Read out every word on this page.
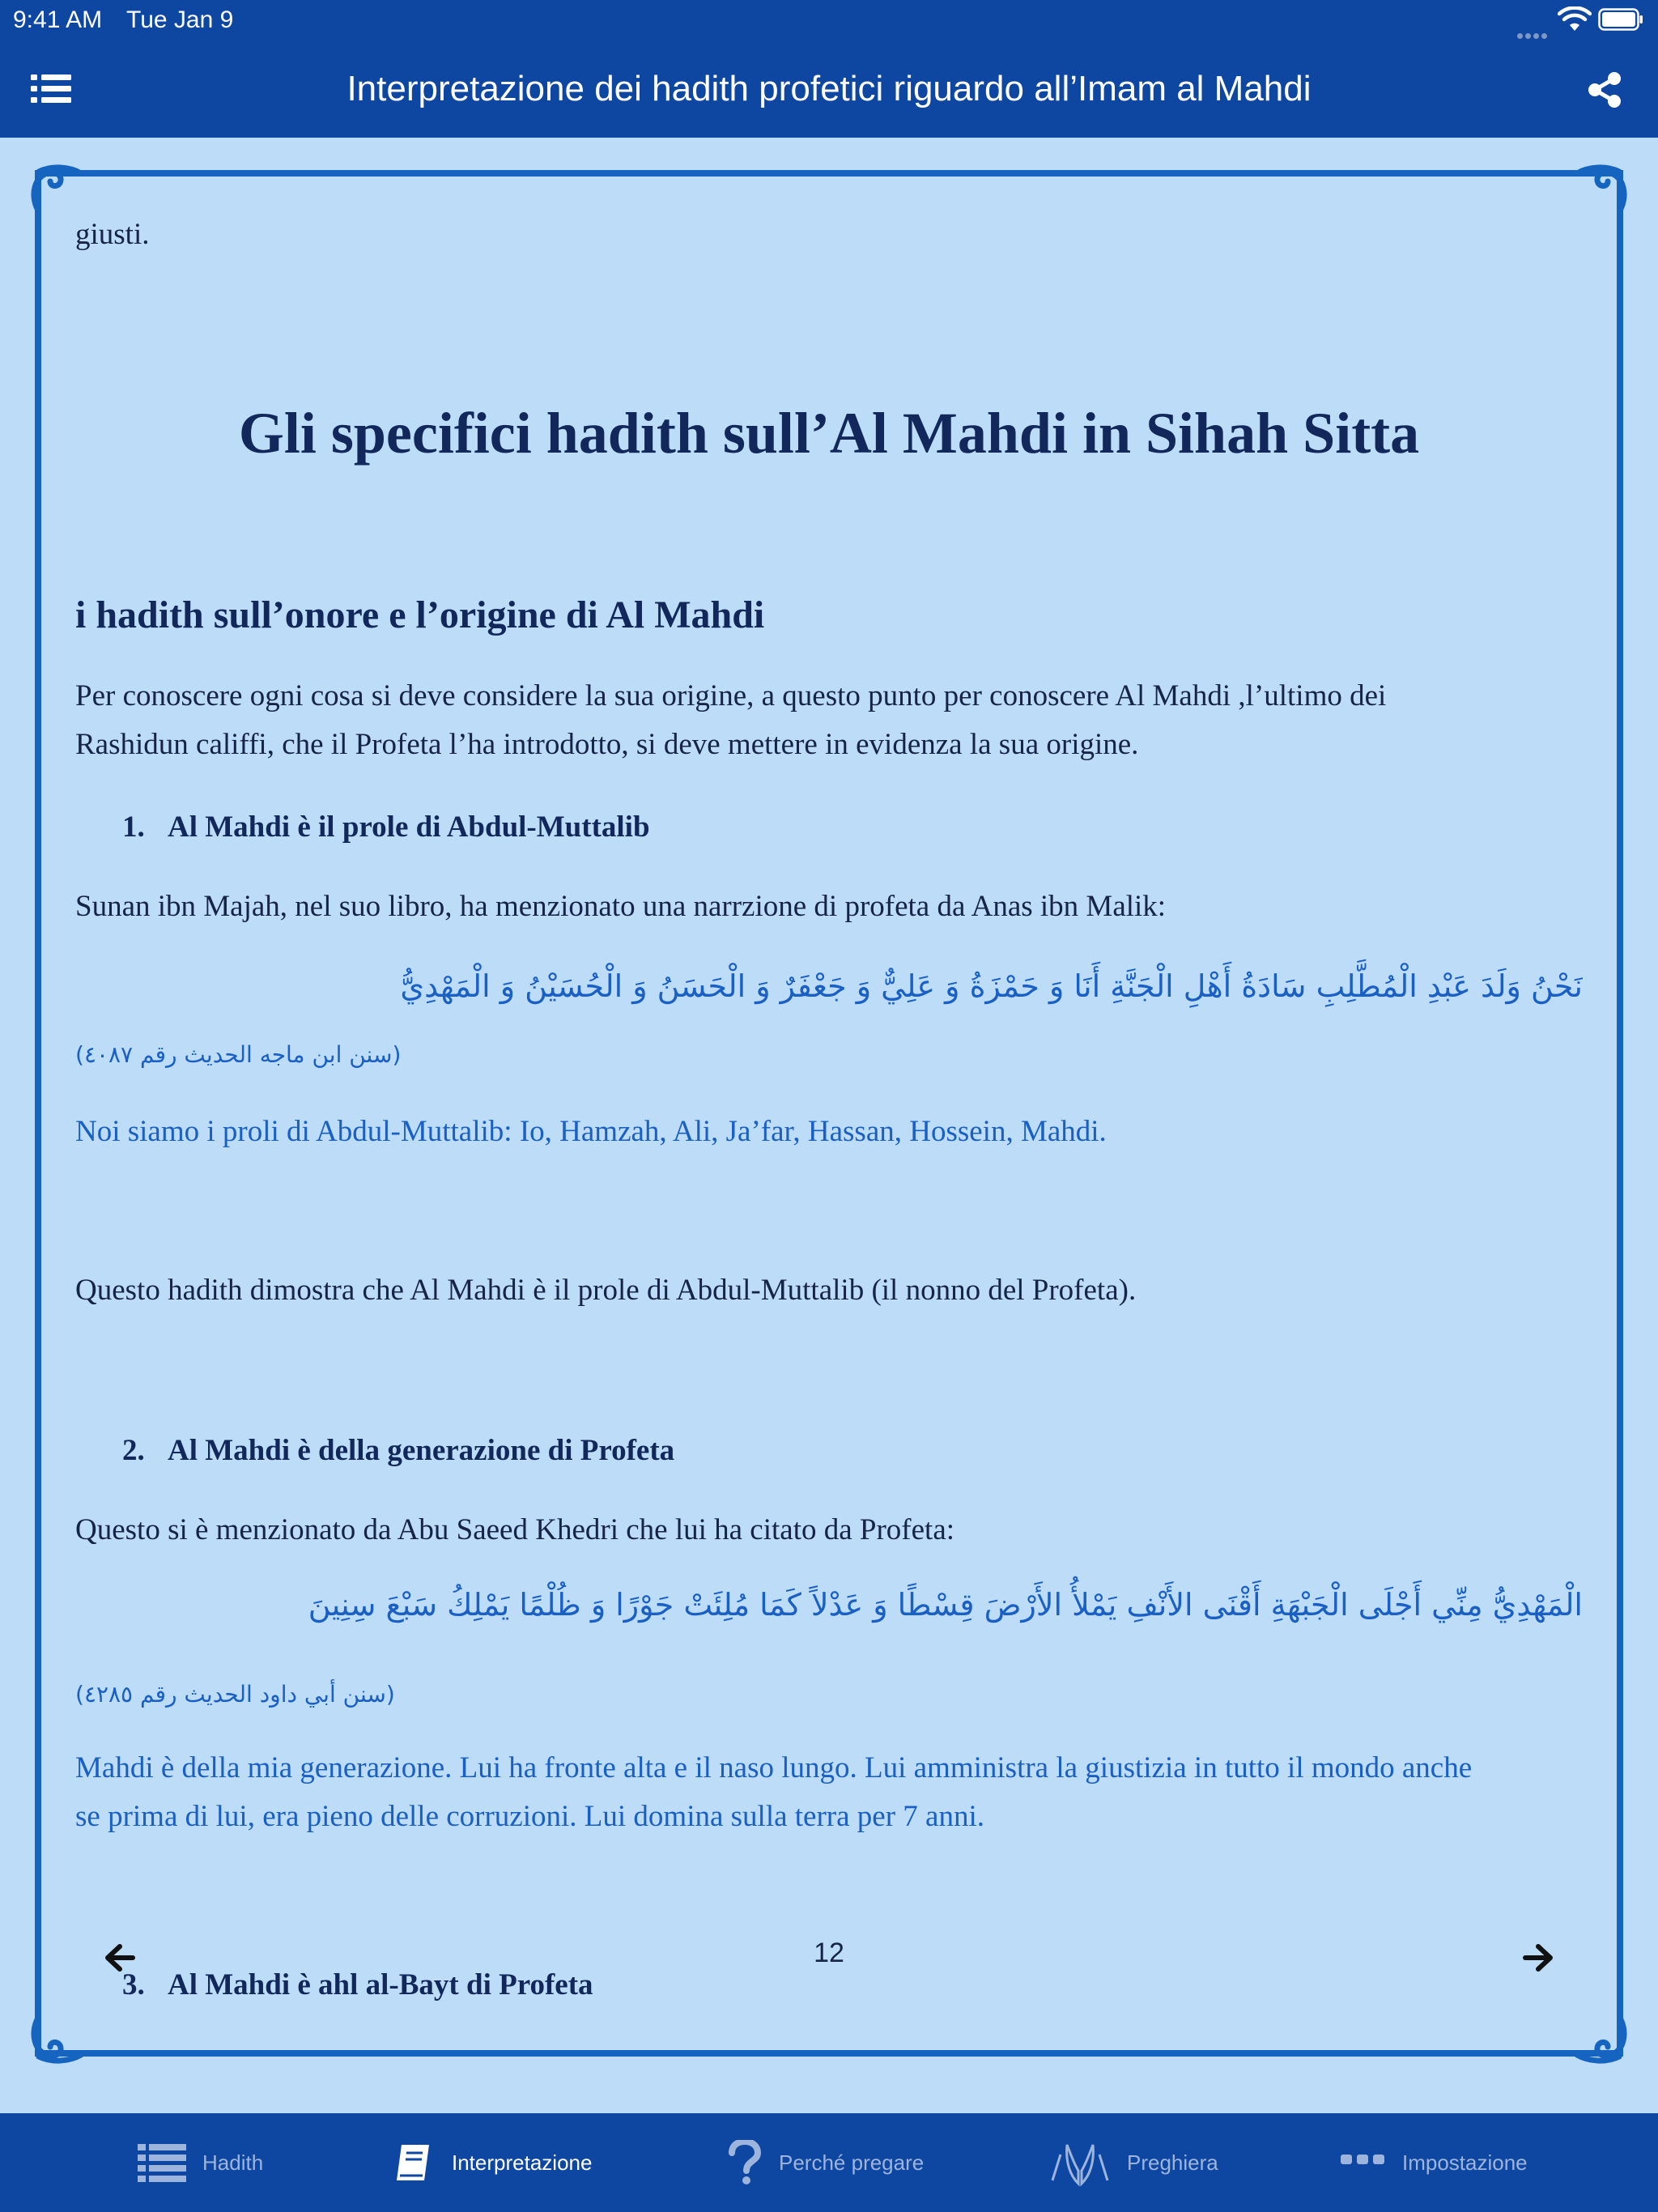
9:41 AM Tue Jan 9
Interpretazione dei hadith profetici riguardo all’Imam al Mahdi
giusti.
Gli specifici hadith sull’Al Mahdi in Sihah Sitta
i hadith sull’onore e l’origine di Al Mahdi
Per conoscere ogni cosa si deve considere la sua origine, a questo punto per conoscere Al Mahdi ,l’ultimo dei
Rashidun califfi, che il Profeta l’ha introdotto, si deve mettere in evidenza la sua origine.
1. Al Mahdi è il prole di Abdul-Muttalib
Sunan ibn Majah, nel suo libro, ha menzionato una narrzione di profeta da Anas ibn Malik:
نَحْنُ وَلَدَ عَبْدِ الْمُطَّلِبِ سَادَةُ أَهْلِ الْجَنَّةِ أَنَا وَ حَمْزَةُ وَ عَلِيٌّ وَ جَعْفَرٌ وَ الْحَسَنُ وَ الْحُسَيْنُ وَ الْمَهْدِيُّ
(سنن ابن ماجه الحديث رقم ٤٠٨٧)
Noi siamo i proli di Abdul-Muttalib: Io, Hamzah, Ali, Ja’far, Hassan, Hossein, Mahdi.
Questo hadith dimostra che Al Mahdi è il prole di Abdul-Muttalib (il nonno del Profeta).
2. Al Mahdi è della generazione di Profeta
Questo si è menzionato da Abu Saeed Khedri che lui ha citato da Profeta:
الْمَهْدِيُّ مِنِّي أَجْلَى الْجَبْهَةِ أَقْنَى الأَنْفِ يَمْلأُ الأَرْضَ قِسْطًا وَ عَدْلاً كَمَا مُلِئَتْ جَوْرًا وَ ظُلْمًا يَمْلِكُ سَبْعَ سِنِينَ
(سنن أبي داود الحديث رقم ٤٢٨٥)
Mahdi è della mia generazione. Lui ha fronte alta e il naso lungo. Lui amministra la giustizia in tutto il mondo anche
se prima di lui, era pieno delle corruzioni. Lui domina sulla terra per 7 anni.
3. Al Mahdi è ahl al-Bayt di Profeta
12
Hadith	Interpretazione	Perché pregare	Preghiera	Impostazione
